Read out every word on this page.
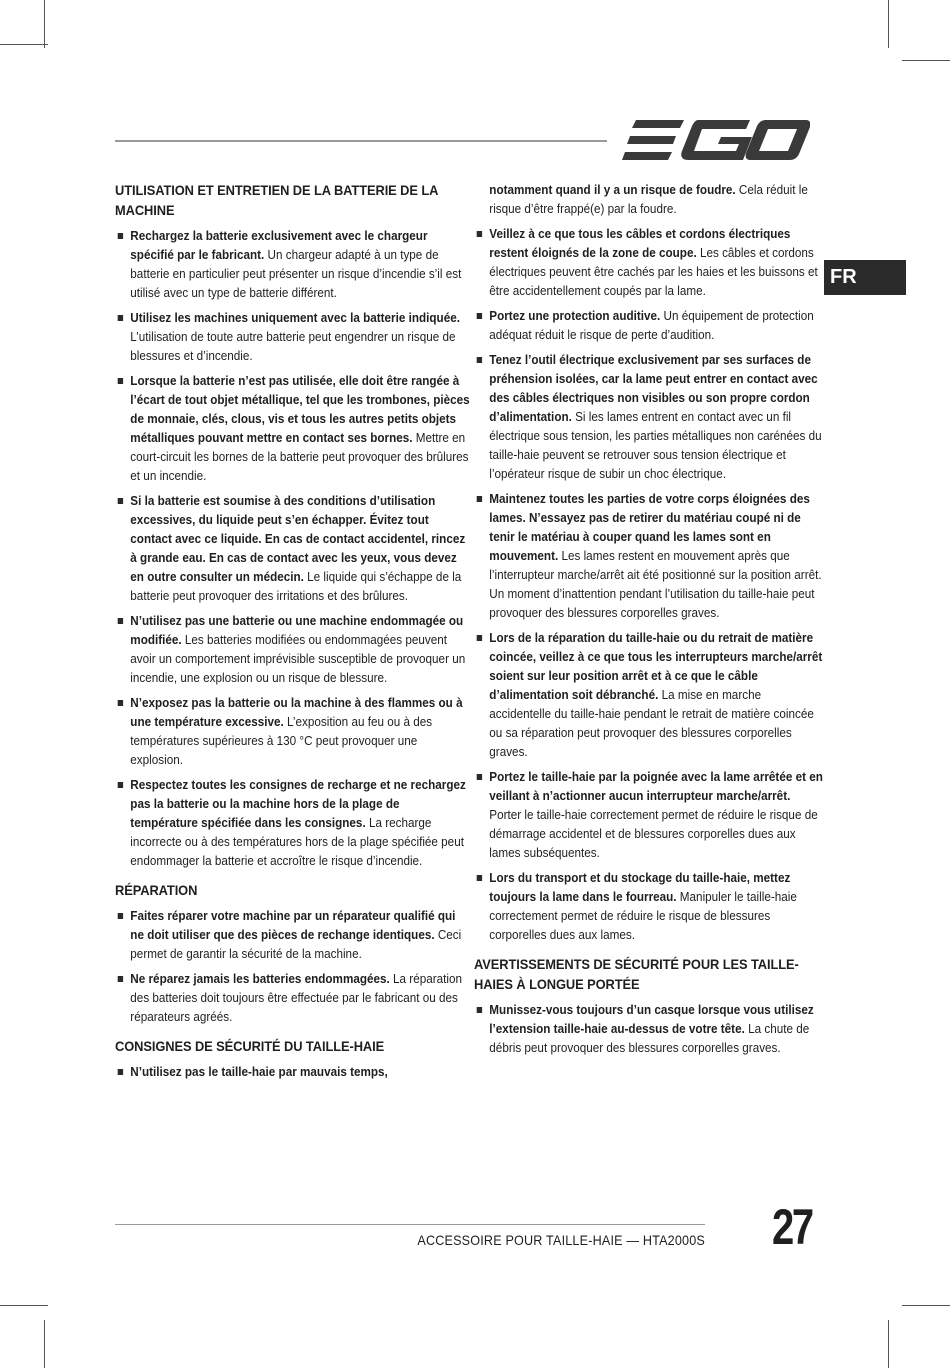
FR
UTILISATION ET ENTRETIEN DE LA BATTERIE DE LA MACHINE
Rechargez la batterie exclusivement avec le chargeur spécifié par le fabricant. Un chargeur adapté à un type de batterie en particulier peut présenter un risque d’incendie s’il est utilisé avec un type de batterie différent.
Utilisez les machines uniquement avec la batterie indiquée. L’utilisation de toute autre batterie peut engendrer un risque de blessures et d’incendie.
Lorsque la batterie n’est pas utilisée, elle doit être rangée à l’écart de tout objet métallique, tel que les trombones, pièces de monnaie, clés, clous, vis et tous les autres petits objets métalliques pouvant mettre en contact ses bornes. Mettre en court-circuit les bornes de la batterie peut provoquer des brûlures et un incendie.
Si la batterie est soumise à des conditions d’utilisation excessives, du liquide peut s’en échapper. Évitez tout contact avec ce liquide. En cas de contact accidentel, rincez à grande eau. En cas de contact avec les yeux, vous devez en outre consulter un médecin. Le liquide qui s’échappe de la batterie peut provoquer des irritations et des brûlures.
N’utilisez pas une batterie ou une machine endommagée ou modifiée. Les batteries modifiées ou endommagées peuvent avoir un comportement imprévisible susceptible de provoquer un incendie, une explosion ou un risque de blessure.
N’exposez pas la batterie ou la machine à des flammes ou à une température excessive. L’exposition au feu ou à des températures supérieures à 130 °C peut provoquer une explosion.
Respectez toutes les consignes de recharge et ne rechargez pas la batterie ou la machine hors de la plage de température spécifiée dans les consignes. La recharge incorrecte ou à des températures hors de la plage spécifiée peut endommager la batterie et accroître le risque d’incendie.
RÉPARATION
Faites réparer votre machine par un réparateur qualifié qui ne doit utiliser que des pièces de rechange identiques. Ceci permet de garantir la sécurité de la machine.
Ne réparez jamais les batteries endommagées. La réparation des batteries doit toujours être effectuée par le fabricant ou des réparateurs agréés.
CONSIGNES DE SÉCURITÉ DU TAILLE-HAIE
N’utilisez pas le taille-haie par mauvais temps,
notamment quand il y a un risque de foudre. Cela réduit le risque d’être frappé(e) par la foudre.
Veillez à ce que tous les câbles et cordons électriques restent éloignés de la zone de coupe. Les câbles et cordons électriques peuvent être cachés par les haies et les buissons et être accidentellement coupés par la lame.
Portez une protection auditive. Un équipement de protection adéquat réduit le risque de perte d’audition.
Tenez l’outil électrique exclusivement par ses surfaces de préhension isolées, car la lame peut entrer en contact avec des câbles électriques non visibles ou son propre cordon d’alimentation. Si les lames entrent en contact avec un fil électrique sous tension, les parties métalliques non carénées du taille-haie peuvent se retrouver sous tension électrique et l’opérateur risque de subir un choc électrique.
Maintenez toutes les parties de votre corps éloignées des lames. N’essayez pas de retirer du matériau coupé ni de tenir le matériau à couper quand les lames sont en mouvement. Les lames restent en mouvement après que l’interrupteur marche/arrêt ait été positionné sur la position arrêt. Un moment d’inattention pendant l’utilisation du taille-haie peut provoquer des blessures corporelles graves.
Lors de la réparation du taille-haie ou du retrait de matière coincée, veillez à ce que tous les interrupteurs marche/arrêt soient sur leur position arrêt et à ce que le câble d’alimentation soit débranché. La mise en marche accidentelle du taille-haie pendant le retrait de matière coincée ou sa réparation peut provoquer des blessures corporelles graves.
Portez le taille-haie par la poignée avec la lame arrêtée et en veillant à n’actionner aucun interrupteur marche/arrêt. Porter le taille-haie correctement permet de réduire le risque de démarrage accidentel et de blessures corporelles dues aux lames subséquentes.
Lors du transport et du stockage du taille-haie, mettez toujours la lame dans le fourreau. Manipuler le taille-haie correctement permet de réduire le risque de blessures corporelles dues aux lames.
AVERTISSEMENTS DE SÉCURITÉ POUR LES TAILLE-HAIES À LONGUE PORTÉE
Munissez-vous toujours d’un casque lorsque vous utilisez l’extension taille-haie au-dessus de votre tête. La chute de débris peut provoquer des blessures corporelles graves.
ACCESSOIRE POUR TAILLE-HAIE — HTA2000S 27
